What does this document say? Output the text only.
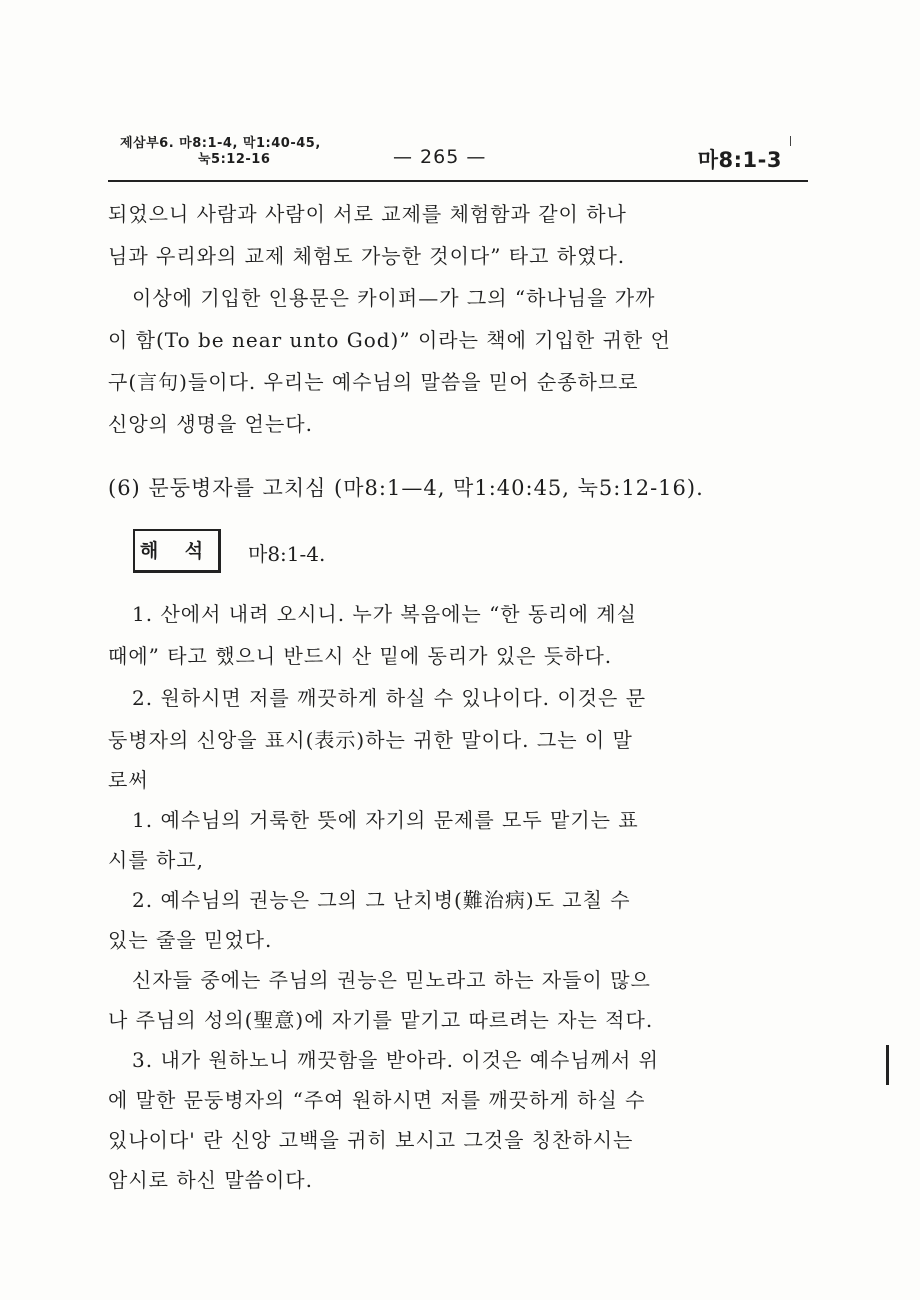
제삼부6. 마8:1-4, 막1:40-45,
눅5:12-16	— 265 —	마8:1-3
되었으니 사람과 사람이 서로 교제를 체험함과 같이 하나
님과 우리와의 교제 체험도 가능한 것이다” 타고 하였다.
이상에 기입한 인용문은 카이퍼—가 그의 “하나님을 가까
이 함(To be near unto God)” 이라는 책에 기입한 귀한 언
구(言句)들이다. 우리는 예수님의 말씀을 믿어 순종하므로
신앙의 생명을 얻는다.
(6) 문둥병자를 고치심 (마8:1—4, 막1:40:45, 눅5:12-16).
해 석	마8:1-4.
1. 산에서 내려 오시니. 누가 복음에는 “한 동리에 계실
때에” 타고 했으니 반드시 산 밑에 동리가 있은 듯하다.
2. 원하시면 저를 깨끗하게 하실 수 있나이다. 이것은 문
둥병자의 신앙을 표시(表示)하는 귀한 말이다. 그는 이 말
로써
1. 예수님의 거룩한 뜻에 자기의 문제를 모두 맡기는 표
시를 하고,
2. 예수님의 권능은 그의 그 난치병(難治病)도 고칠 수
있는 줄을 믿었다.
신자들 중에는 주님의 권능은 믿노라고 하는 자들이 많으
나 주님의 성의(聖意)에 자기를 맡기고 따르려는 자는 적다.
3. 내가 원하노니 깨끗함을 받아라. 이것은 예수님께서 위
에 말한 문둥병자의 “주여 원하시면 저를 깨끗하게 하실 수
있나이다' 란 신앙 고백을 귀히 보시고 그것을 칭찬하시는
암시로 하신 말씀이다.
